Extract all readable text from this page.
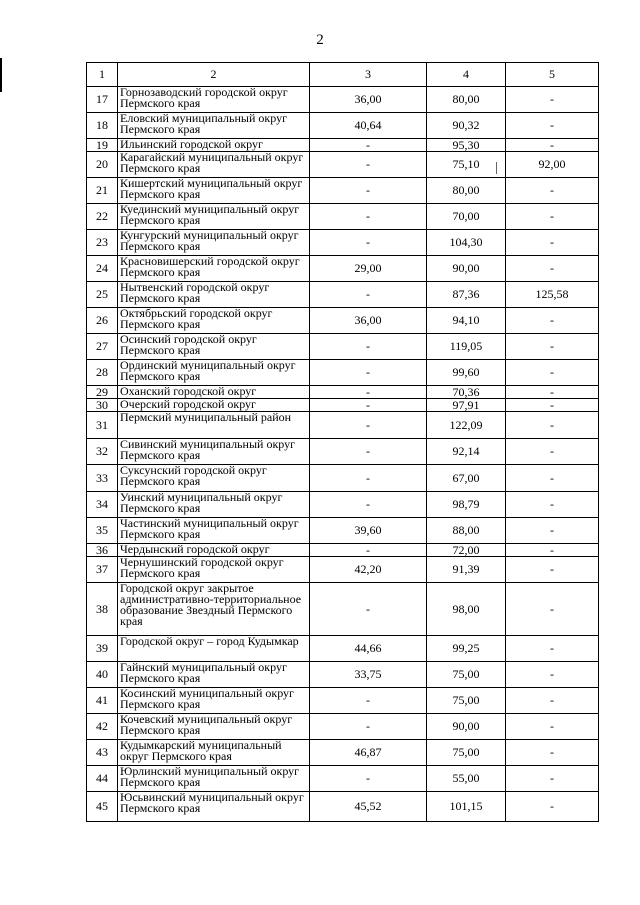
2
1	2	3	4	5
17	Горнозаводский городской округ Пермского края	36,00	80,00	-
18	Еловский муниципальный округ Пермского края	40,64	90,32	-
19	Ильинский городской округ	-	95,30	-
20	Карагайский муниципальный округ Пермского края	-	75,10	92,00
21	Кишертский муниципальный округ Пермского края	-	80,00	-
22	Куединский муниципальный округ Пермского края	-	70,00	-
23	Кунгурский муниципальный округ Пермского края	-	104,30	-
24	Красновишерский городской округ Пермского края	29,00	90,00	-
25	Нытвенский городской округ Пермского края	-	87,36	125,58
26	Октябрьский городской округ Пермского края	36,00	94,10	-
27	Осинский городской округ Пермского края	-	119,05	-
28	Ординский муниципальный округ Пермского края	-	99,60	-
29	Оханский городской округ	-	70,36	-
30	Очерский городской округ	-	97,91	-
31	Пермский муниципальный район	-	122,09	-
32	Сивинский муниципальный округ Пермского края	-	92,14	-
33	Суксунский городской округ Пермского края	-	67,00	-
34	Уинский муниципальный округ Пермского края	-	98,79	-
35	Частинский муниципальный округ Пермского края	39,60	88,00	-
36	Чердынский городской округ	-	72,00	-
37	Чернушинский городской округ Пермского края	42,20	91,39	-
38	Городской округ закрытое административно-территориальное образование Звездный Пермского края	-	98,00	-
39	Городской округ – город Кудымкар	44,66	99,25	-
40	Гайнский муниципальный округ Пермского края	33,75	75,00	-
41	Косинский муниципальный округ Пермского края	-	75,00	-
42	Кочевский муниципальный округ Пермского края	-	90,00	-
43	Кудымкарский муниципальный округ Пермского края	46,87	75,00	-
44	Юрлинский муниципальный округ Пермского края	-	55,00	-
45	Юсьвинский муниципальный округ Пермского края	45,52	101,15	-
